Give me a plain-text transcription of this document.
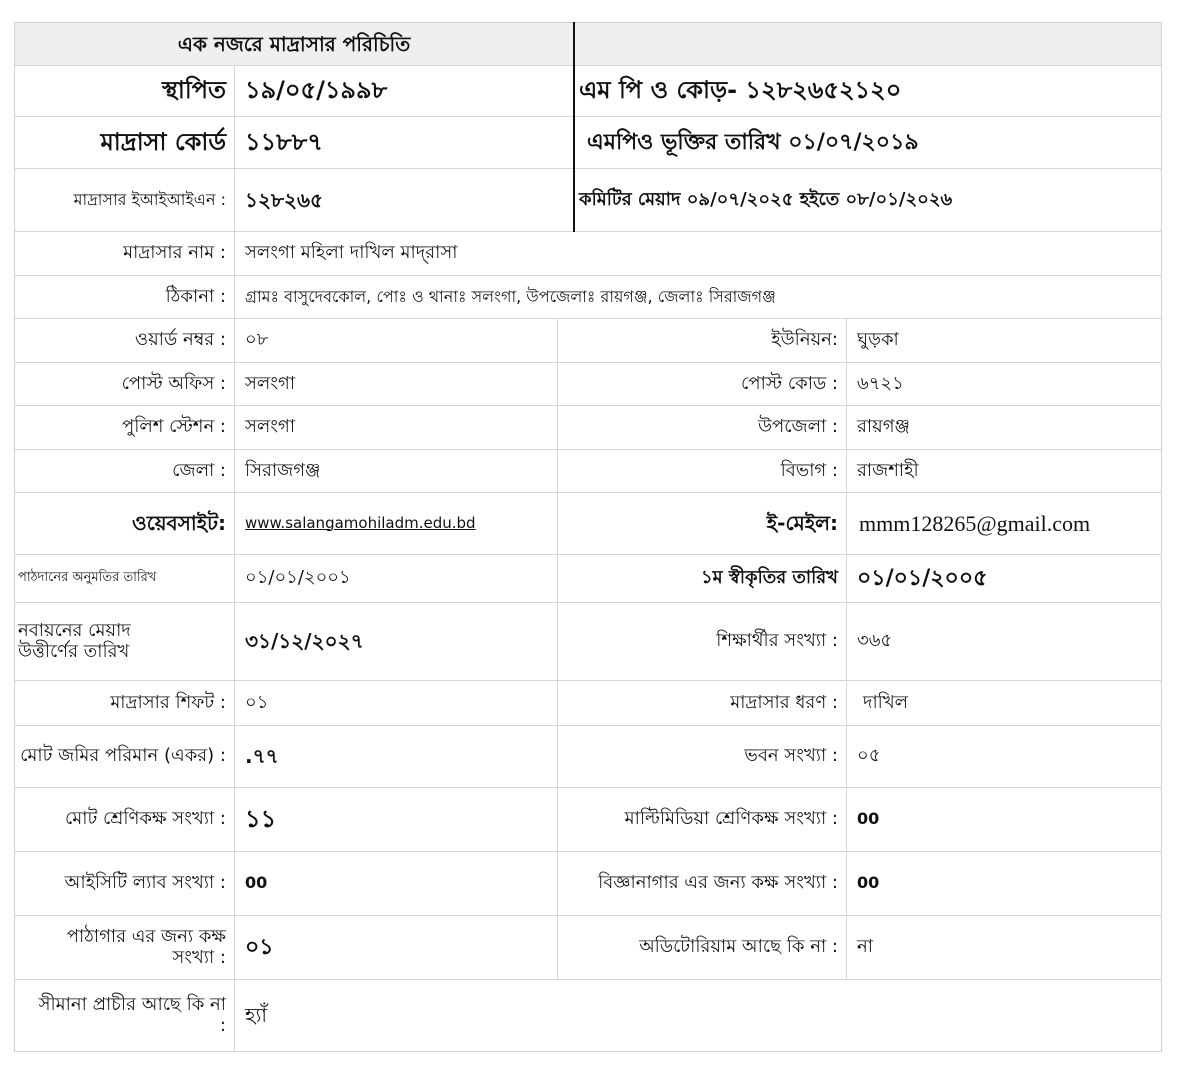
এক নজরে মাদ্রাসার পরিচিতি
স্থাপিত ১৯/০৫/১৯৯৮	এম পি ও কোড়- ১২৮২৬৫২১২০
মাদ্রাসা কোর্ড ১১৮৮৭	এমপিও ভূক্তির তারিখ ০১/০৭/২০১৯
মাদ্রাসার ইআইআইএন : ১২৮২৬৫	কমিটির মেয়াদ ০৯/০৭/২০২৫ হইতে ০৮/০১/২০২৬
মাদ্রাসার নাম :	সলংগা মহিলা দাখিল মাদ্‌রাসা
ঠিকানা :	গ্রামঃ বাসুদেবকোল, পোঃ ও থানাঃ সলংগা, উপজেলাঃ রায়গঞ্জ, জেলাঃ সিরাজগঞ্জ
ওয়ার্ড নম্বর :	০৮	ইউনিয়ন:	ঘুড়কা
পোস্ট অফিস :	সলংগা	পোস্ট কোড :	৬৭২১
পুলিশ স্টেশন :	সলংগা	উপজেলা :	রায়গঞ্জ
জেলা :	সিরাজগঞ্জ	বিভাগ :	রাজশাহী
ওয়েবসাইট:	www.salangamohiladm.edu.bd	ই-মেইল: mmm128265@gmail.com
পাঠদানের অনুমতির তারিখ	০১/০১/২০০১	১ম স্বীকৃতির তারিখ ০১/০১/২০০৫
নবায়নের মেয়াদ উত্তীর্ণের তারিখ	৩১/১২/২০২৭	শিক্ষার্থীর সংখ্যা :	৩৬৫
মাদ্রাসার শিফট :	০১	মাদ্রাসার ধরণ :	দাখিল
মোট জমির পরিমান (একর) : .৭৭	ভবন সংখ্যা :	০৫
মোট শ্রেণিকক্ষ সংখ্যা : ১১	মাল্টিমিডিয়া শ্রেণিকক্ষ সংখ্যা :	00
আইসিটি ল্যাব সংখ্যা :	00	বিজ্ঞানাগার এর জন্য কক্ষ সংখ্যা :	00
পাঠাগার এর জন্য কক্ষ সংখ্যা : ০১	অডিটোরিয়াম আছে কি না :	না
সীমানা প্রাচীর আছে কি না : হ্যাঁ
